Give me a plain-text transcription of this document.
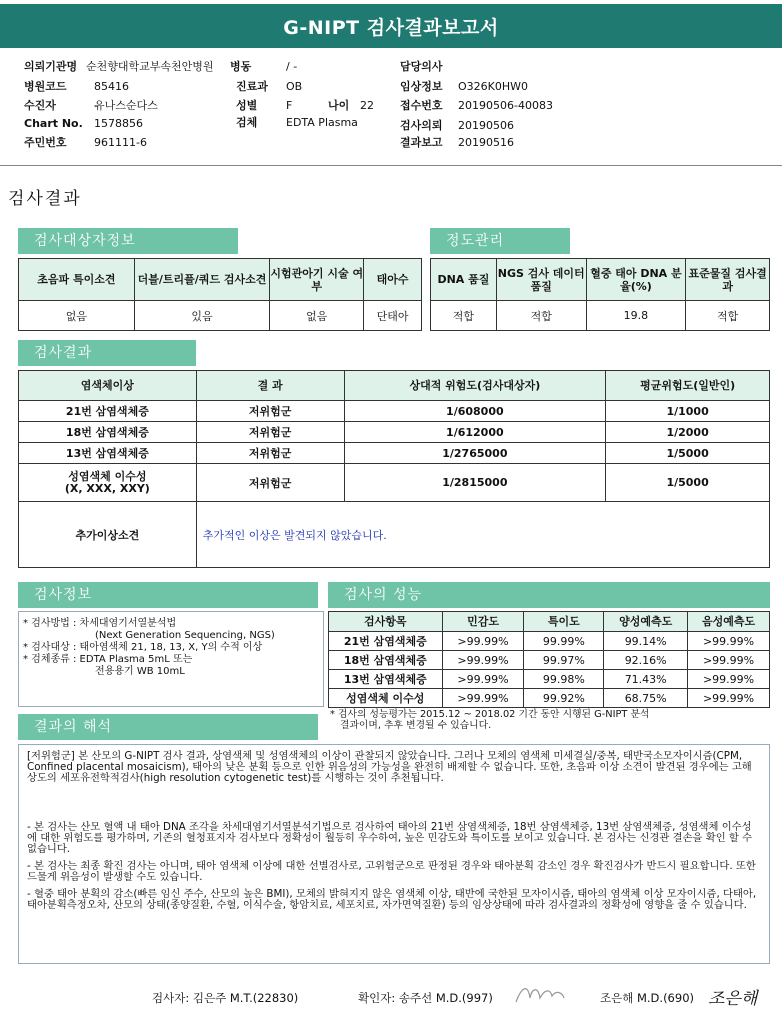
G-NIPT 검사결과보고서
의뢰기관명 순천향대학교부속천안병원
병원코드 85416
수진자	유나스순다스
Chart No. 1578856
주민번호 961111-6
병동	/ -
진료과 OB
성별	F	나이 22
검체	EDTA Plasma
담당의사
임상정보 O326K0HW0
접수번호 20190506-40083
검사의뢰 20190506
결과보고 20190516
검사결과
검사대상자정보
초음파 특이소견	더블/트리플/쿼드 검사소견	시험관아기 시술 여부	태아수
없음	있음	없음	단태아
정도관리
DNA 품질	NGS 검사 데이터품질	혈중 태아 DNA 분율(%)	표준물질 검사결과
적합	적합	19.8	적합
검사결과
염색체이상	결 과	상대적 위험도(검사대상자)	평균위험도(일반인)
21번 삼염색체증	저위험군	1/608000	1/1000
18번 삼염색체증	저위험군	1/612000	1/2000
13번 삼염색체증	저위험군	1/2765000	1/5000
성염색체 이수성
(X, XXX, XXY)	저위험군	1/2815000	1/5000
추가이상소견	추가적인 이상은 발견되지 않았습니다.		
검사정보
* 검사방법 : 차세대염기서열분석법
(Next Generation Sequencing, NGS)
* 검사대상 : 태아염색체 21, 18, 13, X, Y의 수적 이상
* 검체종류 : EDTA Plasma 5mL 또는
전용용기 WB 10mL
검사의 성능
검사항목	민감도	특이도	양성예측도	음성예측도
21번 삼염색체증	>99.99%	99.99%	99.14%	>99.99%
18번 삼염색체증	>99.99%	99.97%	92.16%	>99.99%
13번 삼염색체증	>99.99%	99.98%	71.43%	>99.99%
성염색체 이수성	>99.99%	99.92%	68.75%	>99.99%
* 검사의 성능평가는 2015.12 ~ 2018.02 기간 동안 시행된 G-NIPT 분석
결과이며, 추후 변경될 수 있습니다.
결과의 해석

[저위험군] 본 산모의 G-NIPT 검사 결과, 상염색체 및 성염색체의 이상이 관찰되지 않았습니다. 그러나 모체의 염색체 미세결실/중복, 태반국소모자이시즘(CPM, Confined placental mosaicism), 태아의 낮은 분획 등으로 인한 위음성의 가능성을 완전히 배제할 수 없습니다. 또한, 초음파 이상 소견이 발견된 경우에는 고해상도의 세포유전학적검사(high resolution cytogenetic test)를 시행하는 것이 추천됩니다.

- 본 검사는 산모 혈액 내 태아 DNA 조각을 차세대염기서열분석기법으로 검사하여 태아의 21번 삼염색체증, 18번 삼염색체증, 13번 삼염색체증, 성염색체 이수성에 대한 위험도를 평가하며, 기존의 혈청표지자 검사보다 정확성이 월등히 우수하여, 높은 민감도와 특이도를 보이고 있습니다. 본 검사는 신경관 결손을 확인 할 수 없습니다.

- 본 검사는 최종 확진 검사는 아니며, 태아 염색체 이상에 대한 선별검사로, 고위험군으로 판정된 경우와 태아분획 감소인 경우 확진검사가 반드시 필요합니다. 또한 드물게 위음성이 발생할 수도 있습니다.

- 혈중 태아 분획의 감소(빠른 임신 주수, 산모의 높은 BMI), 모체의 밝혀지지 않은 염색체 이상, 태반에 국한된 모자이시즘, 태아의 염색체 이상 모자이시즘, 다태아, 태아분획측정오차, 산모의 상태(종양질환, 수혈, 이식수술, 항암치료, 세포치료, 자가면역질환) 등의 임상상태에 따라 검사결과의 정확성에 영향을 줄 수 있습니다.

검사자: 김은주 M.T.(22830)	확인자: 송주선 M.D.(997)	조은해 M.D.(690) 조은해
